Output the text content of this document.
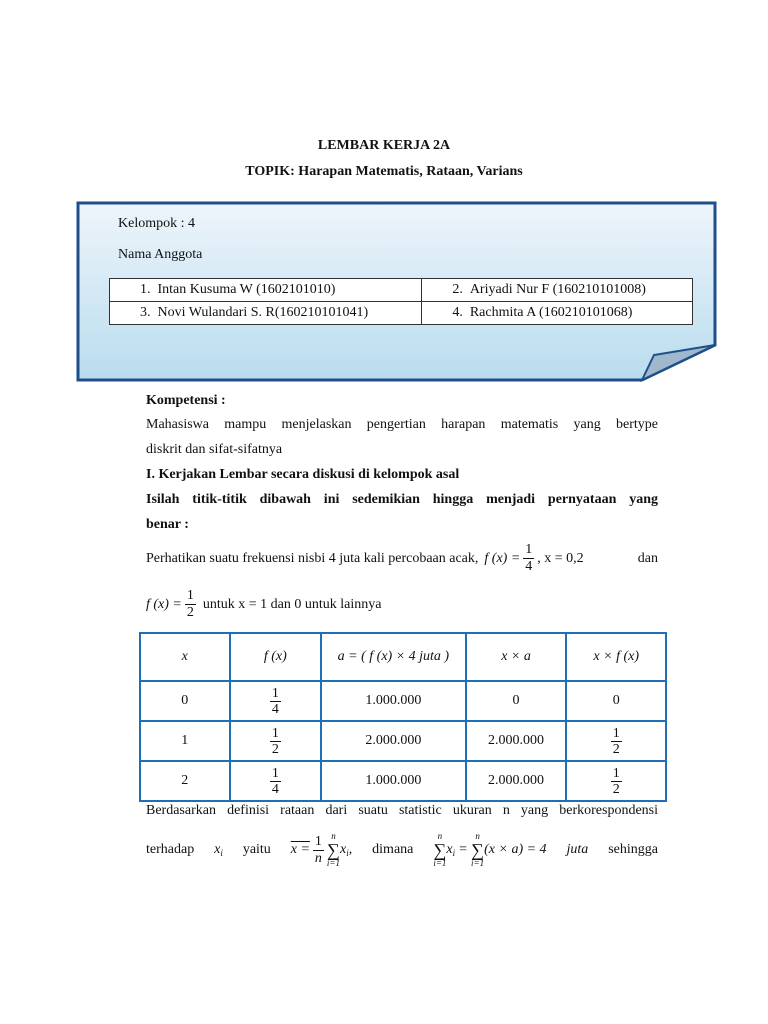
LEMBAR KERJA 2A
TOPIK: Harapan Matematis, Rataan, Varians
Kelompok : 4
Nama Anggota
1. Intan Kusuma W (1602101010)	2. Ariyadi Nur F (160210101008)
3. Novi Wulandari S. R(160210101041)	4. Rachmita A (160210101068)
Kompetensi :
Mahasiswa mampu menjelaskan pengertian harapan matematis yang bertype
diskrit dan sifat-sifatnya
I. Kerjakan Lembar secara diskusi di kelompok asal
Isilah titik-titik dibawah ini sedemikian hingga menjadi pernyataan yang
benar :
Perhatikan suatu frekuensi nisbi 4 juta kali percobaan acak, f $(x) = \frac{1}{4}$ , x = 0,2	dan
f $(x) = \frac{1}{2}$ untuk x = 1 dan 0 untuk lainnya
x	f (x)	a = ( f (x) × 4 juta )	x × a	x × f (x)
0	$\frac{1}{4}$	1.000.000	0	0
1	$\frac{1}{2}$	2.000.000	2.000.000	$\frac{1}{2}$

2	$\frac{1}{4}$	1.000.000	2.000.000	$\frac{1}{2}$
Berdasarkan definisi rataan dari suatu statistic ukuran n yang berkorespondensi
terhadap $x_i$ yaitu $x = \frac{1}{n}$ n
∑
i=1
$x_i$ , dimana
n
∑
i=1
$x_i$ =
n
∑
i=1
(x × a) = 4 juta sehingga
